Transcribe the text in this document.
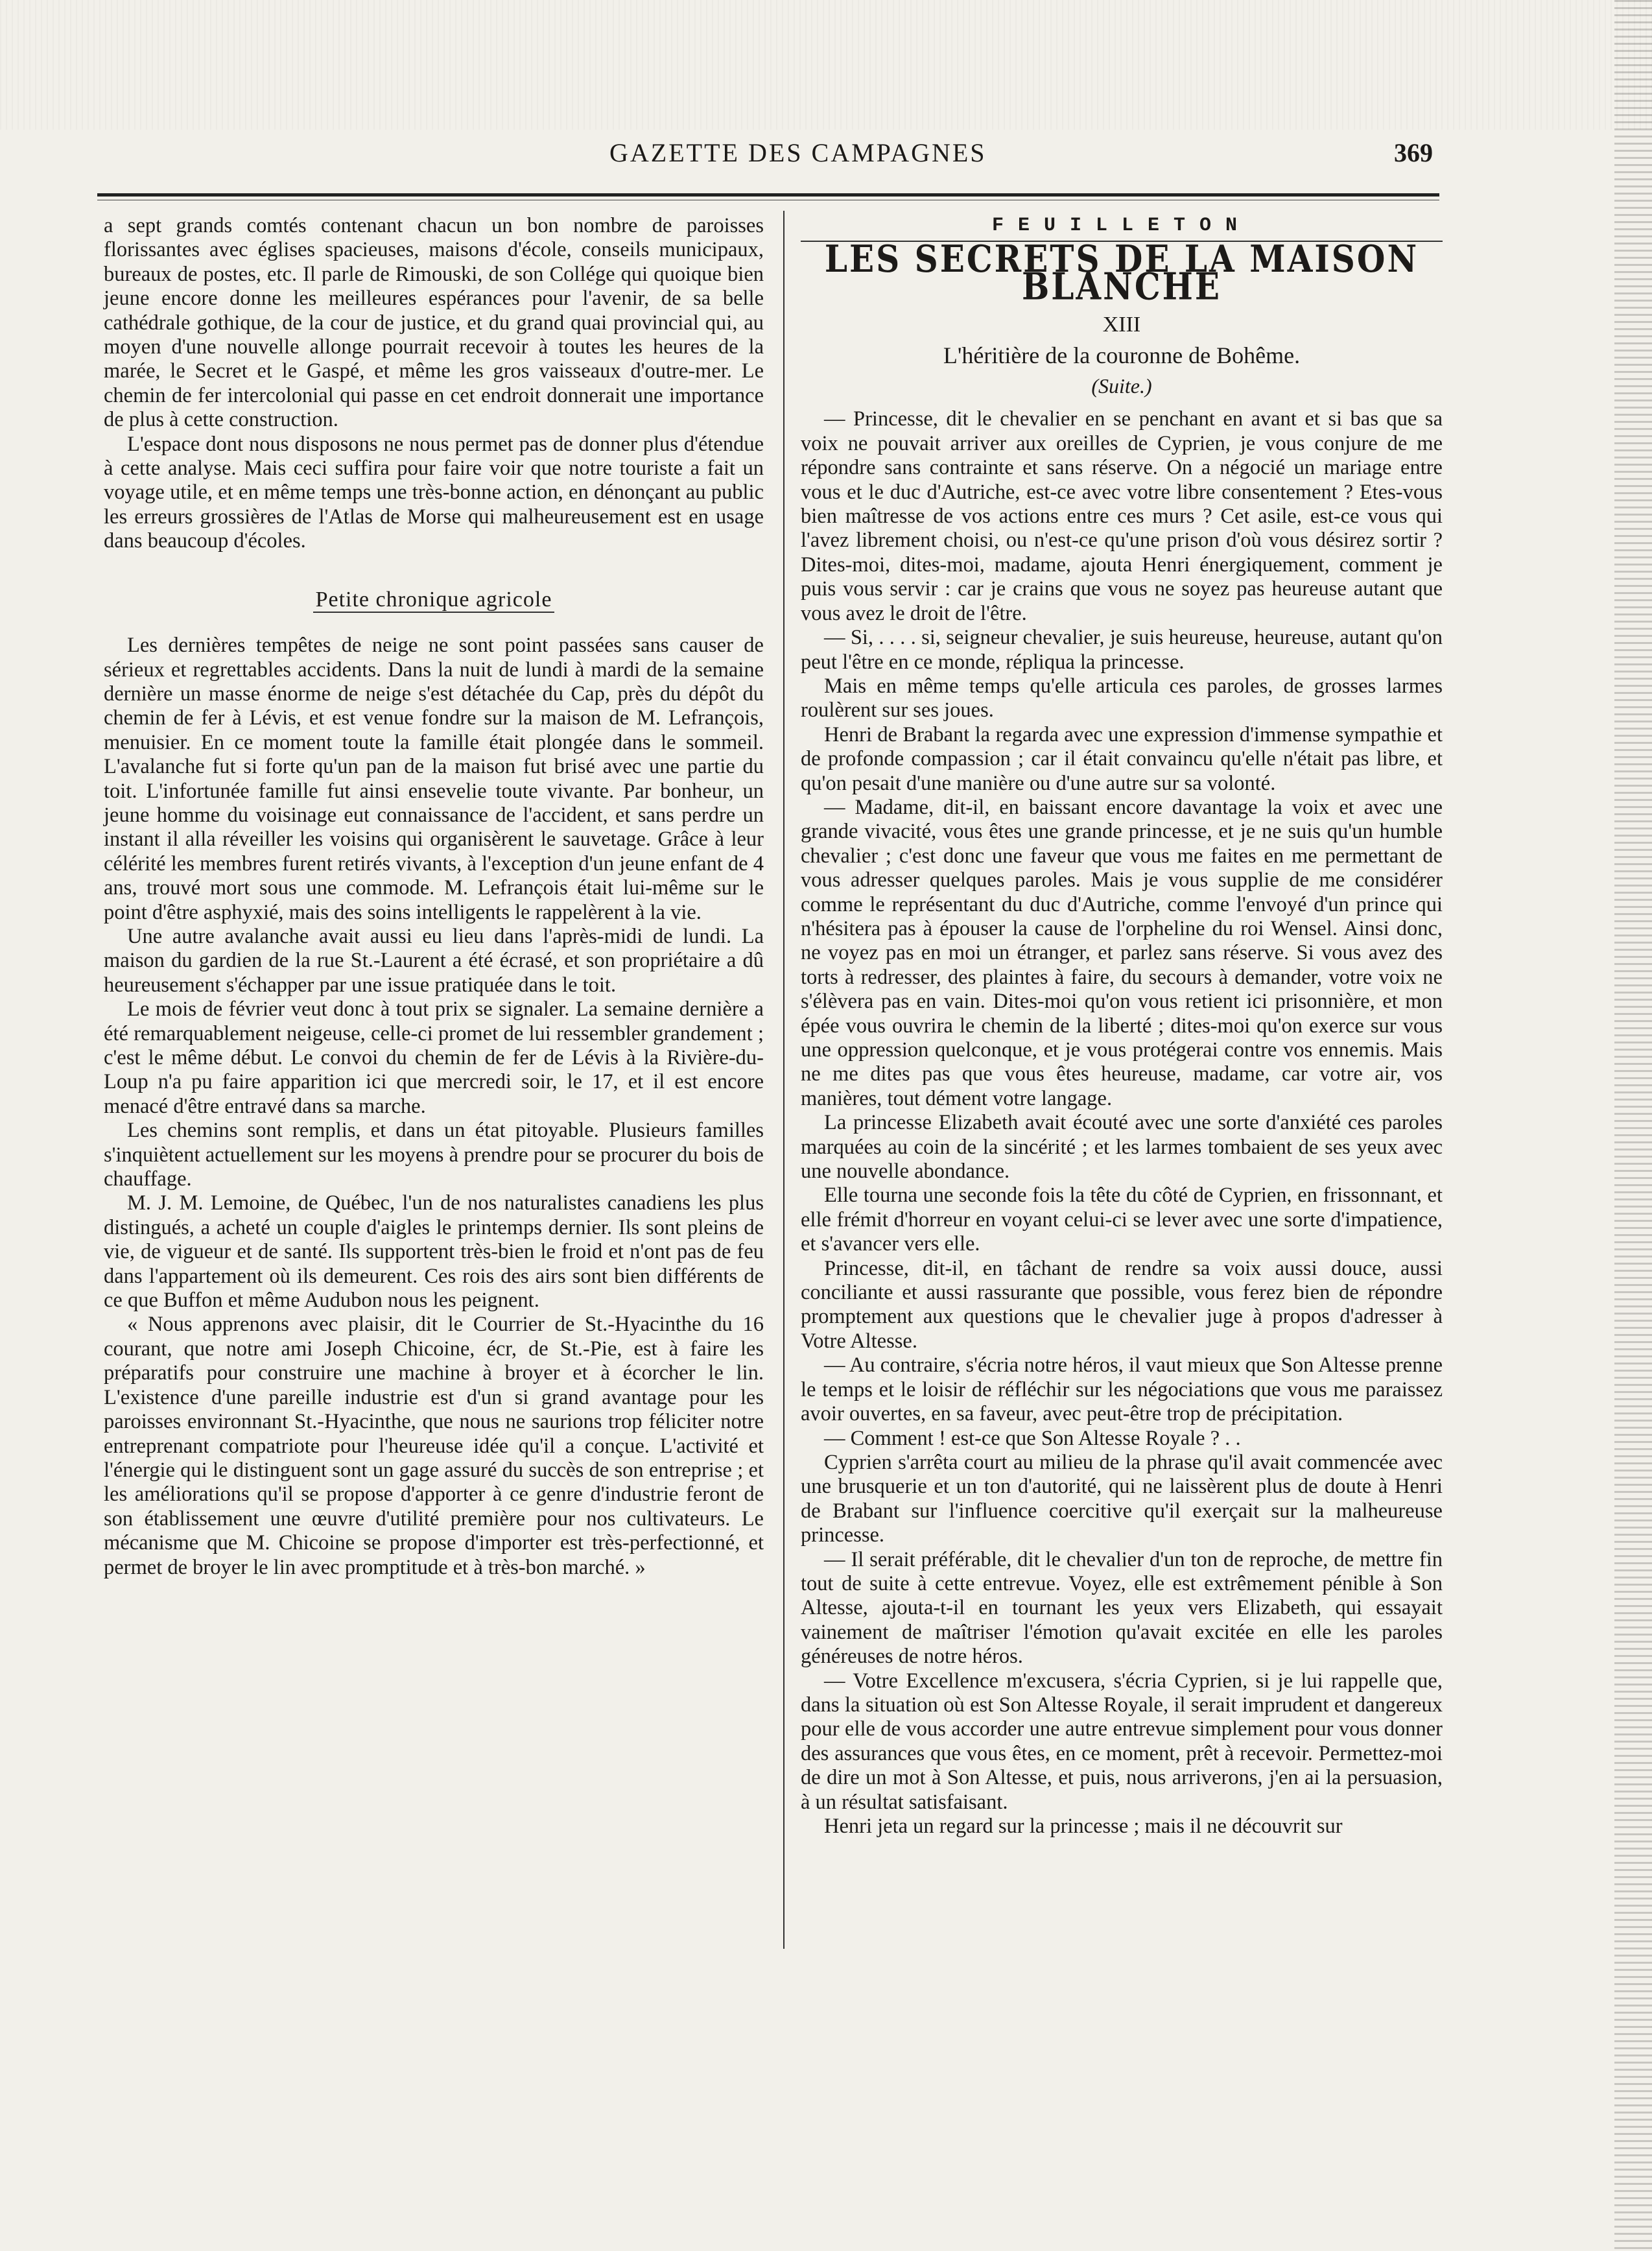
GAZETTE DES CAMPAGNES	369

a sept grands comtés contenant chacun un bon nombre de paroisses florissantes avec églises spacieuses, maisons d'école, conseils municipaux, bureaux de postes, etc. Il parle de Rimouski, de son Collége qui quoique bien jeune encore donne les meilleures espérances pour l'avenir, de sa belle cathédrale gothique, de la cour de justice, et du grand quai provincial qui, au moyen d'une nouvelle allonge pourrait recevoir à toutes les heures de la marée, le Secret et le Gaspé, et même les gros vaisseaux d'outre-mer. Le chemin de fer intercolonial qui passe en cet endroit donnerait une importance de plus à cette construction.

L'espace dont nous disposons ne nous permet pas de donner plus d'étendue à cette analyse. Mais ceci suffira pour faire voir que notre touriste a fait un voyage utile, et en même temps une très-bonne action, en dénonçant au public les erreurs grossières de l'Atlas de Morse qui malheureusement est en usage dans beaucoup d'écoles.

Petite chronique agricole

Les dernières tempêtes de neige ne sont point passées sans causer de sérieux et regrettables accidents. Dans la nuit de lundi à mardi de la semaine dernière un masse énorme de neige s'est détachée du Cap, près du dépôt du chemin de fer à Lévis, et est venue fondre sur la maison de M. Lefrançois, menuisier. En ce moment toute la famille était plongée dans le sommeil. L'avalanche fut si forte qu'un pan de la maison fut brisé avec une partie du toit. L'infortunée famille fut ainsi ensevelie toute vivante. Par bonheur, un jeune homme du voisinage eut connaissance de l'accident, et sans perdre un instant il alla réveiller les voisins qui organisèrent le sauvetage. Grâce à leur célérité les membres furent retirés vivants, à l'exception d'un jeune enfant de 4 ans, trouvé mort sous une commode. M. Lefrançois était lui-même sur le point d'être asphyxié, mais des soins intelligents le rappelèrent à la vie.

Une autre avalanche avait aussi eu lieu dans l'après-midi de lundi. La maison du gardien de la rue St.-Laurent a été écrasé, et son propriétaire a dû heureusement s'échapper par une issue pratiquée dans le toit.

Le mois de février veut donc à tout prix se signaler. La semaine dernière a été remarquablement neigeuse, celle-ci promet de lui ressembler grandement ; c'est le même début. Le convoi du chemin de fer de Lévis à la Rivière-du-Loup n'a pu faire apparition ici que mercredi soir, le 17, et il est encore menacé d'être entravé dans sa marche.

Les chemins sont remplis, et dans un état pitoyable. Plusieurs familles s'inquiètent actuellement sur les moyens à prendre pour se procurer du bois de chauffage.

M. J. M. Lemoine, de Québec, l'un de nos naturalistes canadiens les plus distingués, a acheté un couple d'aigles le printemps dernier. Ils sont pleins de vie, de vigueur et de santé. Ils supportent très-bien le froid et n'ont pas de feu dans l'appartement où ils demeurent. Ces rois des airs sont bien différents de ce que Buffon et même Audubon nous les peignent.

« Nous apprenons avec plaisir, dit le Courrier de St.-Hyacinthe du 16 courant, que notre ami Joseph Chicoine, écr, de St.-Pie, est à faire les préparatifs pour construire une machine à broyer et à écorcher le lin. L'existence d'une pareille industrie est d'un si grand avantage pour les paroisses environnant St.-Hyacinthe, que nous ne saurions trop féliciter notre entreprenant compatriote pour l'heureuse idée qu'il a conçue. L'activité et l'énergie qui le distinguent sont un gage assuré du succès de son entreprise ; et les améliorations qu'il se propose d'apporter à ce genre d'industrie feront de son établissement une œuvre d'utilité première pour nos cultivateurs. Le mécanisme que M. Chicoine se propose d'importer est très-perfectionné, et permet de broyer le lin avec promptitude et à très-bon marché. »

FEUILLETON
LES SECRETS DE LA MAISON BLANCHE
XIII
L'héritière de la couronne de Bohême.
(Suite.)

— Princesse, dit le chevalier en se penchant en avant et si bas que sa voix ne pouvait arriver aux oreilles de Cyprien, je vous conjure de me répondre sans contrainte et sans réserve. On a négocié un mariage entre vous et le duc d'Autriche, est-ce avec votre libre consentement ? Etes-vous bien maîtresse de vos actions entre ces murs ? Cet asile, est-ce vous qui l'avez librement choisi, ou n'est-ce qu'une prison d'où vous désirez sortir ? Dites-moi, dites-moi, madame, ajouta Henri énergiquement, comment je puis vous servir : car je crains que vous ne soyez pas heureuse autant que vous avez le droit de l'être.

— Si, . . . . si, seigneur chevalier, je suis heureuse, heureuse, autant qu'on peut l'être en ce monde, répliqua la princesse.

Mais en même temps qu'elle articula ces paroles, de grosses larmes roulèrent sur ses joues.

Henri de Brabant la regarda avec une expression d'immense sympathie et de profonde compassion ; car il était convaincu qu'elle n'était pas libre, et qu'on pesait d'une manière ou d'une autre sur sa volonté.

— Madame, dit-il, en baissant encore davantage la voix et avec une grande vivacité, vous êtes une grande princesse, et je ne suis qu'un humble chevalier ; c'est donc une faveur que vous me faites en me permettant de vous adresser quelques paroles. Mais je vous supplie de me considérer comme le représentant du duc d'Autriche, comme l'envoyé d'un prince qui n'hésitera pas à épouser la cause de l'orpheline du roi Wensel. Ainsi donc, ne voyez pas en moi un étranger, et parlez sans réserve. Si vous avez des torts à redresser, des plaintes à faire, du secours à demander, votre voix ne s'élèvera pas en vain. Dites-moi qu'on vous retient ici prisonnière, et mon épée vous ouvrira le chemin de la liberté ; dites-moi qu'on exerce sur vous une oppression quelconque, et je vous protégerai contre vos ennemis. Mais ne me dites pas que vous êtes heureuse, madame, car votre air, vos manières, tout dément votre langage.

La princesse Elizabeth avait écouté avec une sorte d'anxiété ces paroles marquées au coin de la sincérité ; et les larmes tombaient de ses yeux avec une nouvelle abondance.

Elle tourna une seconde fois la tête du côté de Cyprien, en frissonnant, et elle frémit d'horreur en voyant celui-ci se lever avec une sorte d'impatience, et s'avancer vers elle.

Princesse, dit-il, en tâchant de rendre sa voix aussi douce, aussi conciliante et aussi rassurante que possible, vous ferez bien de répondre promptement aux questions que le chevalier juge à propos d'adresser à Votre Altesse.

— Au contraire, s'écria notre héros, il vaut mieux que Son Altesse prenne le temps et le loisir de réfléchir sur les négociations que vous me paraissez avoir ouvertes, en sa faveur, avec peut-être trop de précipitation.

— Comment ! est-ce que Son Altesse Royale ? . .

Cyprien s'arrêta court au milieu de la phrase qu'il avait commencée avec une brusquerie et un ton d'autorité, qui ne laissèrent plus de doute à Henri de Brabant sur l'influence coercitive qu'il exerçait sur la malheureuse princesse.

— Il serait préférable, dit le chevalier d'un ton de reproche, de mettre fin tout de suite à cette entrevue. Voyez, elle est extrêmement pénible à Son Altesse, ajouta-t-il en tournant les yeux vers Elizabeth, qui essayait vainement de maîtriser l'émotion qu'avait excitée en elle les paroles généreuses de notre héros.

— Votre Excellence m'excusera, s'écria Cyprien, si je lui rappelle que, dans la situation où est Son Altesse Royale, il serait imprudent et dangereux pour elle de vous accorder une autre entrevue simplement pour vous donner des assurances que vous êtes, en ce moment, prêt à recevoir. Permettez-moi de dire un mot à Son Altesse, et puis, nous arriverons, j'en ai la persuasion, à un résultat satisfaisant.

Henri jeta un regard sur la princesse ; mais il ne découvrit sur
